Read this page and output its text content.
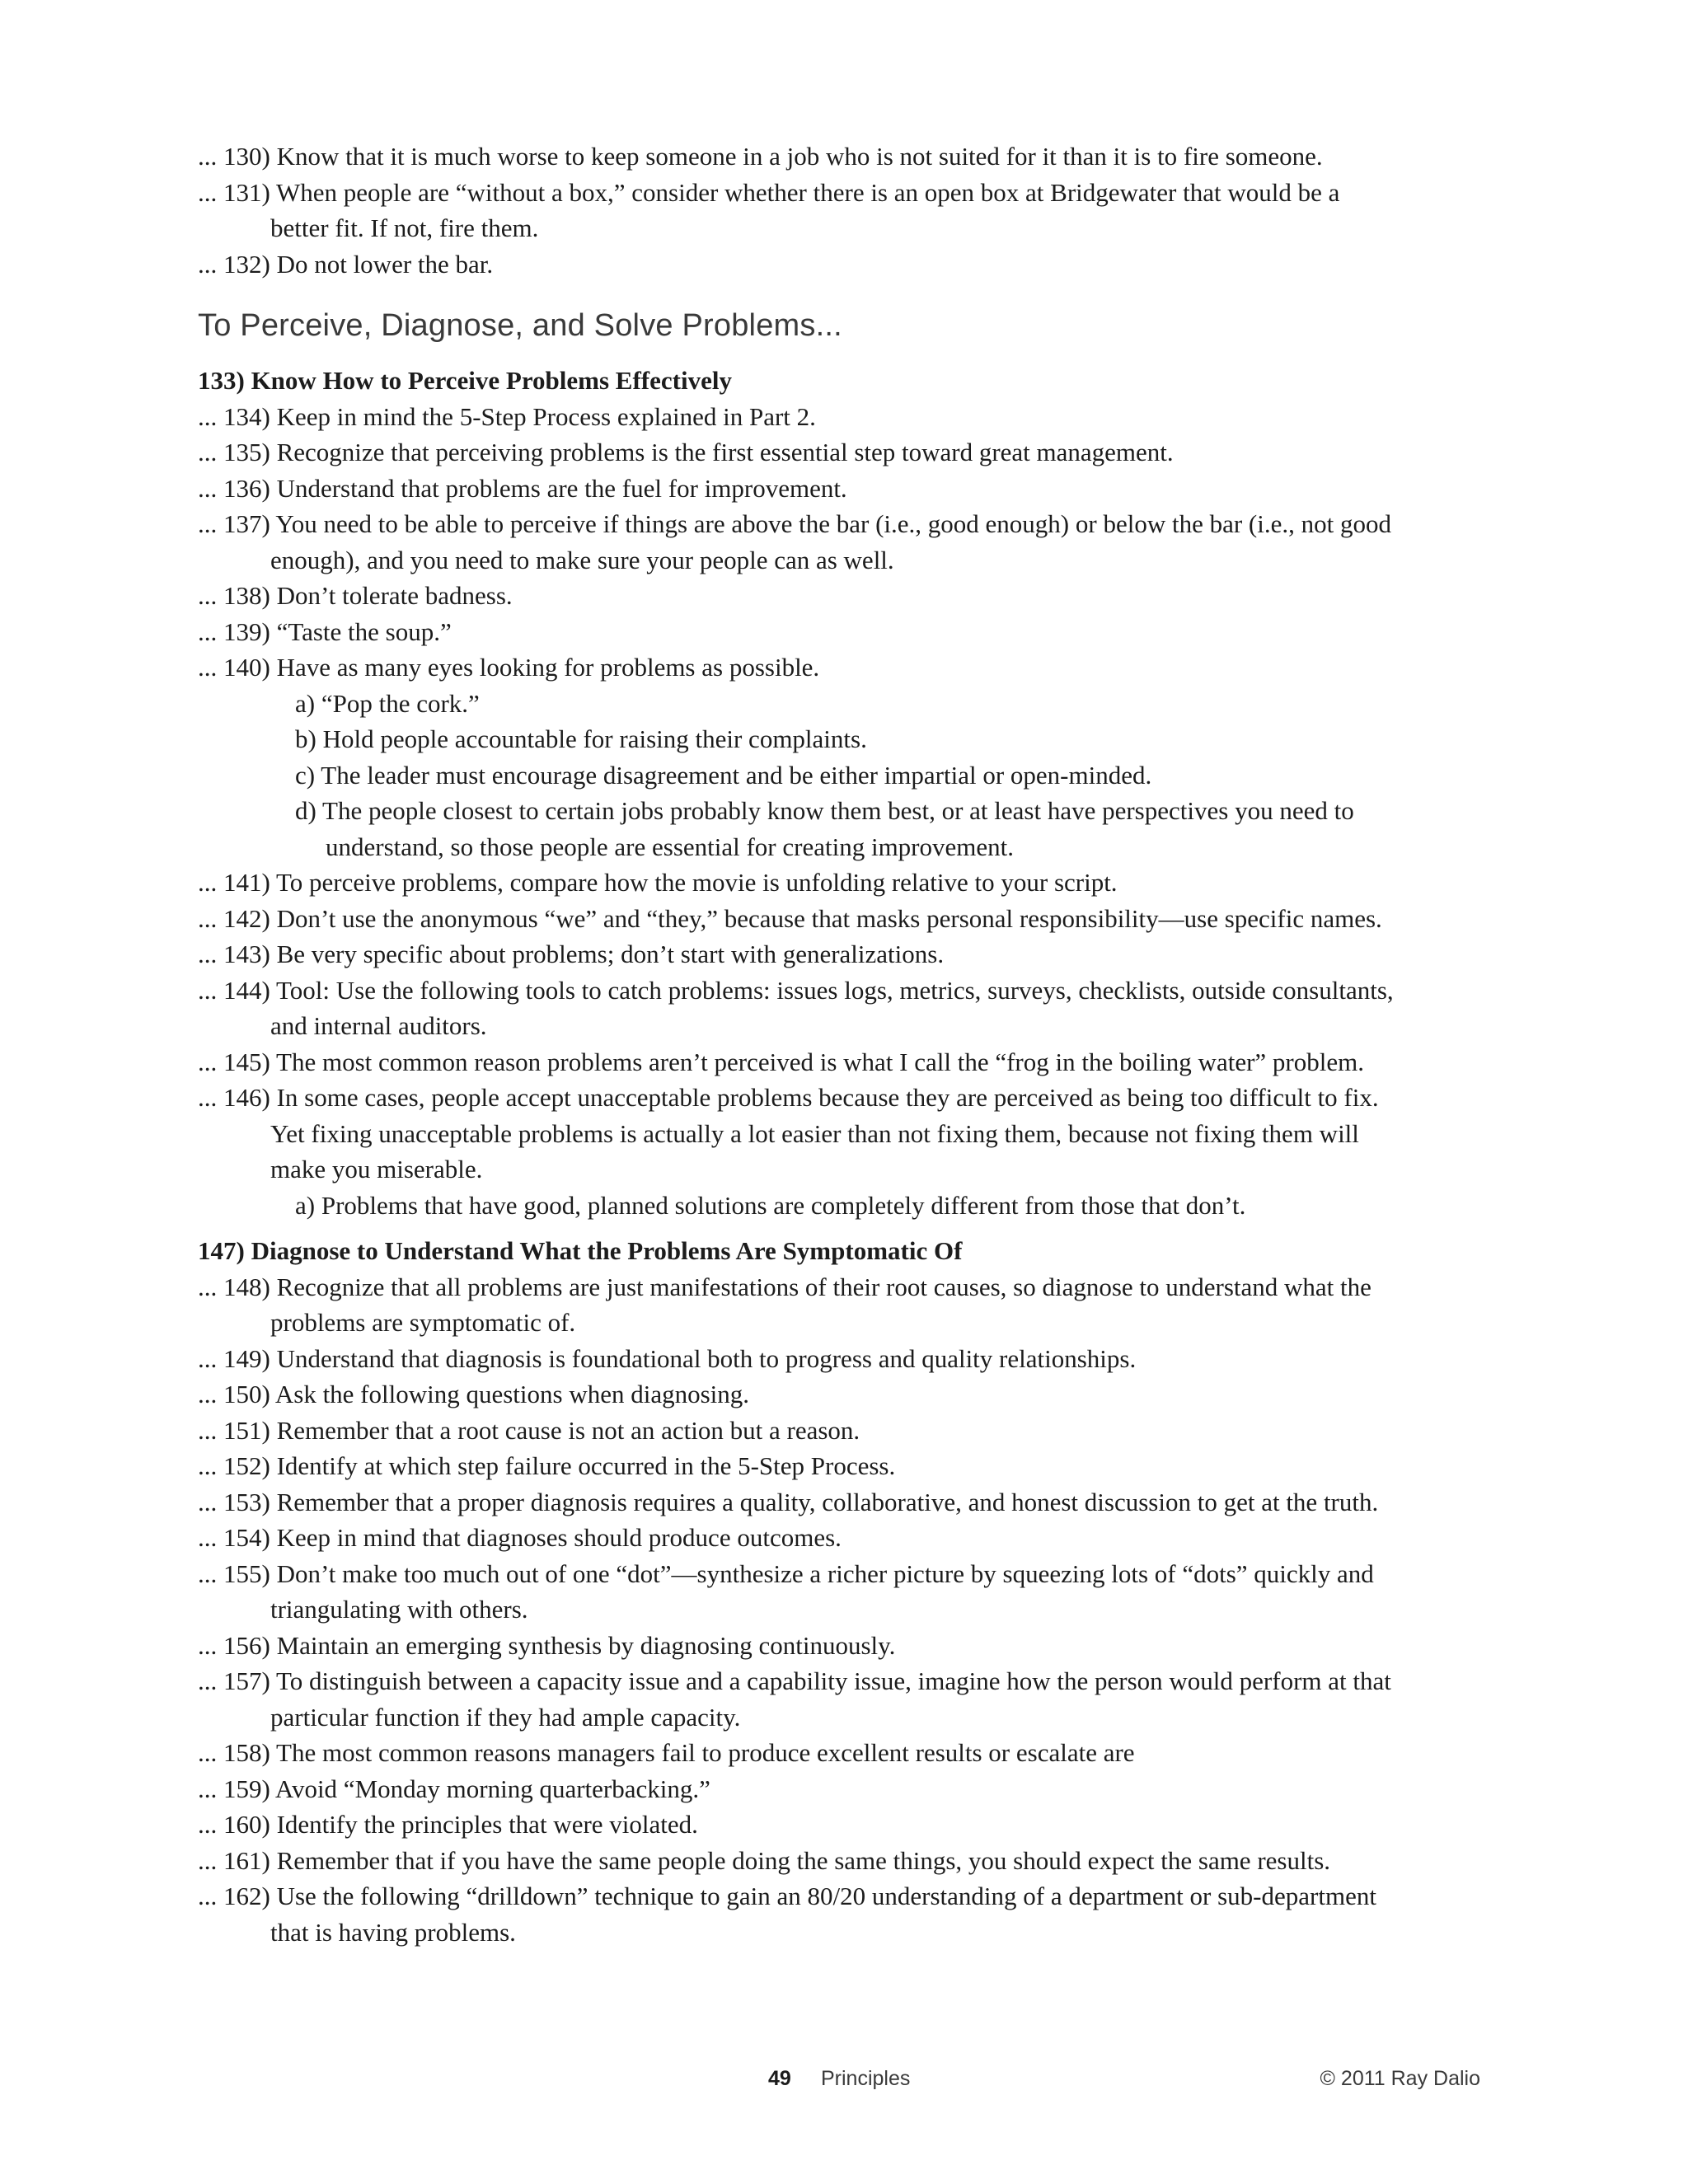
... 130) Know that it is much worse to keep someone in a job who is not suited for it than it is to fire someone.
... 131) When people are “without a box,” consider whether there is an open box at Bridgewater that would be a
better fit. If not, fire them.
... 132) Do not lower the bar.
To Perceive, Diagnose, and Solve Problems...
133) Know How to Perceive Problems Effectively
... 134) Keep in mind the 5-Step Process explained in Part 2.
... 135) Recognize that perceiving problems is the first essential step toward great management.
... 136) Understand that problems are the fuel for improvement.
... 137) You need to be able to perceive if things are above the bar (i.e., good enough) or below the bar (i.e., not good
enough), and you need to make sure your people can as well.
... 138) Don’t tolerate badness.
... 139) “Taste the soup.”
... 140) Have as many eyes looking for problems as possible.
a) “Pop the cork.”
b) Hold people accountable for raising their complaints.
c) The leader must encourage disagreement and be either impartial or open-minded.
d) The people closest to certain jobs probably know them best, or at least have perspectives you need to
understand, so those people are essential for creating improvement.
... 141) To perceive problems, compare how the movie is unfolding relative to your script.
... 142) Don’t use the anonymous “we” and “they,” because that masks personal responsibility—use specific names.
... 143) Be very specific about problems; don’t start with generalizations.
... 144) Tool: Use the following tools to catch problems: issues logs, metrics, surveys, checklists, outside consultants,
and internal auditors.
... 145) The most common reason problems aren’t perceived is what I call the “frog in the boiling water” problem.
... 146) In some cases, people accept unacceptable problems because they are perceived as being too difficult to fix.
Yet fixing unacceptable problems is actually a lot easier than not fixing them, because not fixing them will
make you miserable.
a) Problems that have good, planned solutions are completely different from those that don’t.
147) Diagnose to Understand What the Problems Are Symptomatic Of
... 148) Recognize that all problems are just manifestations of their root causes, so diagnose to understand what the
problems are symptomatic of.
... 149) Understand that diagnosis is foundational both to progress and quality relationships.
... 150) Ask the following questions when diagnosing.
... 151) Remember that a root cause is not an action but a reason.
... 152) Identify at which step failure occurred in the 5-Step Process.
... 153) Remember that a proper diagnosis requires a quality, collaborative, and honest discussion to get at the truth.
... 154) Keep in mind that diagnoses should produce outcomes.
... 155) Don’t make too much out of one “dot”—synthesize a richer picture by squeezing lots of “dots” quickly and
triangulating with others.
... 156) Maintain an emerging synthesis by diagnosing continuously.
... 157) To distinguish between a capacity issue and a capability issue, imagine how the person would perform at that
particular function if they had ample capacity.
... 158) The most common reasons managers fail to produce excellent results or escalate are
... 159) Avoid “Monday morning quarterbacking.”
... 160) Identify the principles that were violated.
... 161) Remember that if you have the same people doing the same things, you should expect the same results.
... 162) Use the following “drilldown” technique to gain an 80/20 understanding of a department or sub-department
that is having problems.
49 Principles	© 2011 Ray Dalio
